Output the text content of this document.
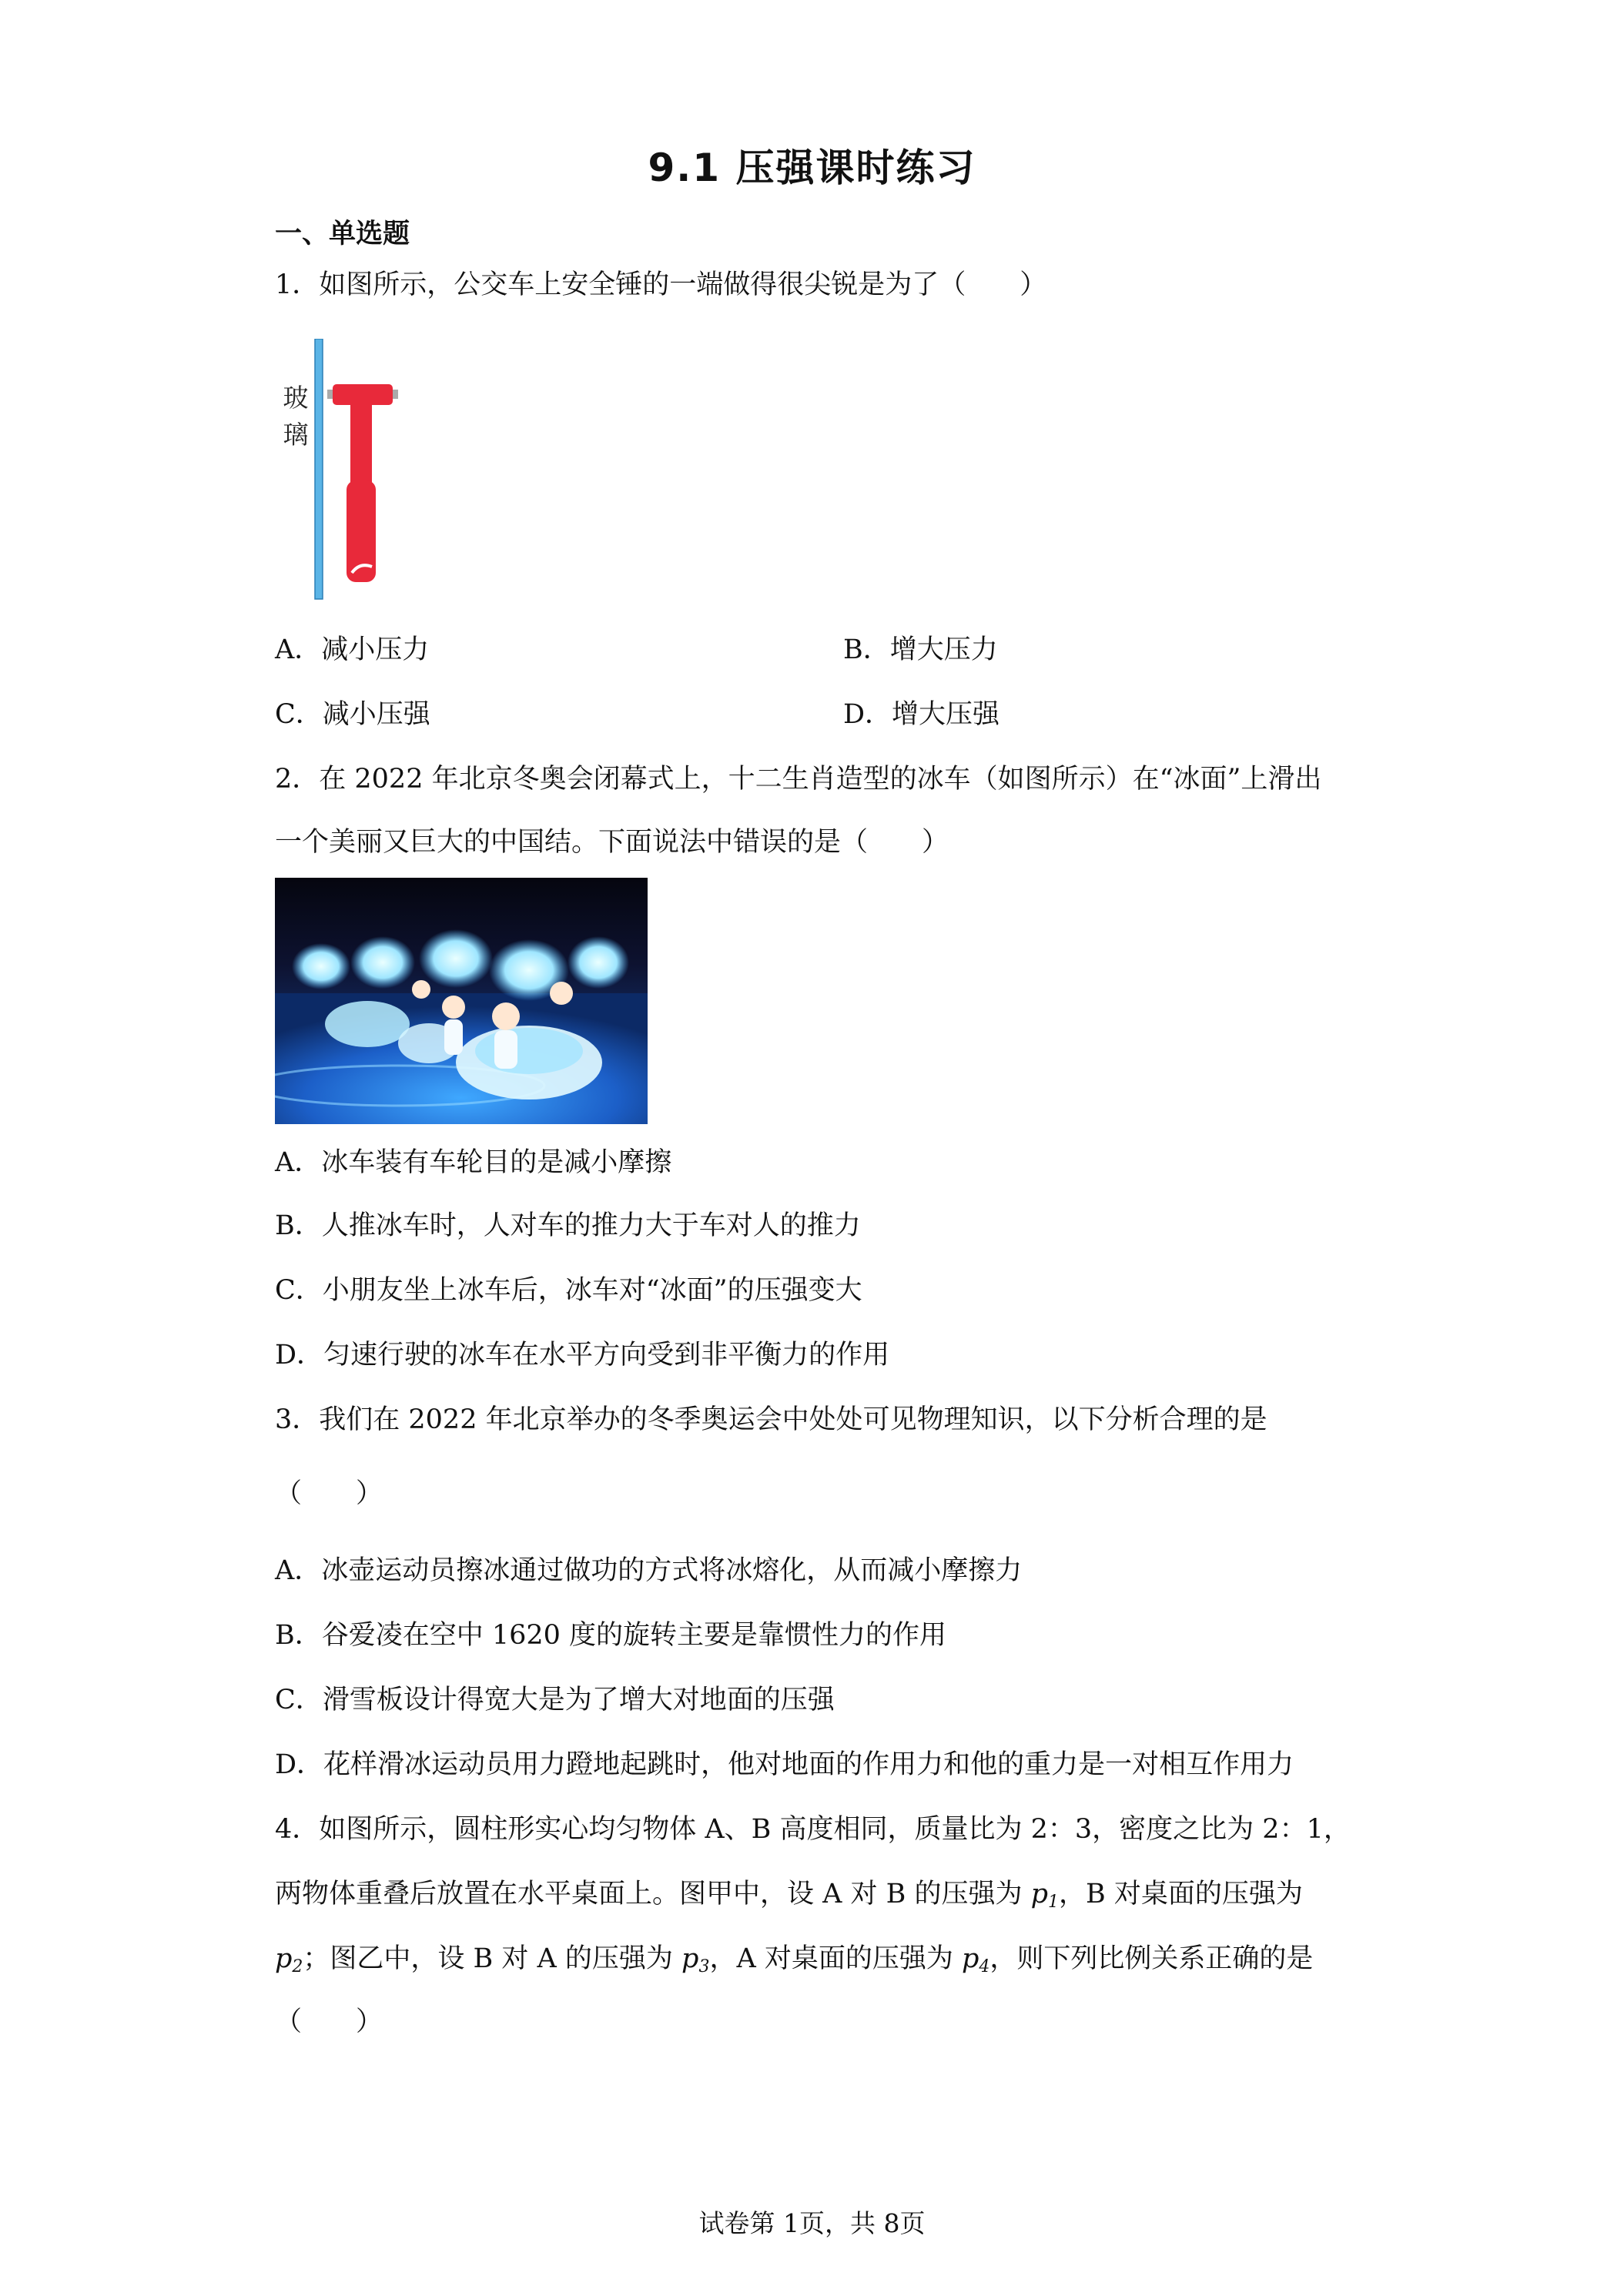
9.1 压强课时练习
一、单选题
1．如图所示，公交车上安全锤的一端做得很尖锐是为了（　　）
玻
璃
A．减小压力	B．增大压力
C．减小压强	D．增大压强
2．在 2022 年北京冬奥会闭幕式上，十二生肖造型的冰车（如图所示）在“冰面”上滑出
一个美丽又巨大的中国结。下面说法中错误的是（　　）
A．冰车装有车轮目的是减小摩擦
B．人推冰车时，人对车的推力大于车对人的推力
C．小朋友坐上冰车后，冰车对“冰面”的压强变大
D．匀速行驶的冰车在水平方向受到非平衡力的作用
3．我们在 2022 年北京举办的冬季奥运会中处处可见物理知识，以下分析合理的是
（　　）
A．冰壶运动员擦冰通过做功的方式将冰熔化，从而减小摩擦力
B．谷爱凌在空中 1620 度的旋转主要是靠惯性力的作用
C．滑雪板设计得宽大是为了增大对地面的压强
D．花样滑冰运动员用力蹬地起跳时，他对地面的作用力和他的重力是一对相互作用力
4．如图所示，圆柱形实心均匀物体 A、B 高度相同，质量比为 2：3，密度之比为 2：1，
两物体重叠后放置在水平桌面上。图甲中，设 A 对 B 的压强为 $p_1$，B 对桌面的压强为
$p_2$；图乙中，设 B 对 A 的压强为 $p_3$，A 对桌面的压强为 $p_4$，则下列比例关系正确的是
（　　）
试卷第 1页，共 8页
